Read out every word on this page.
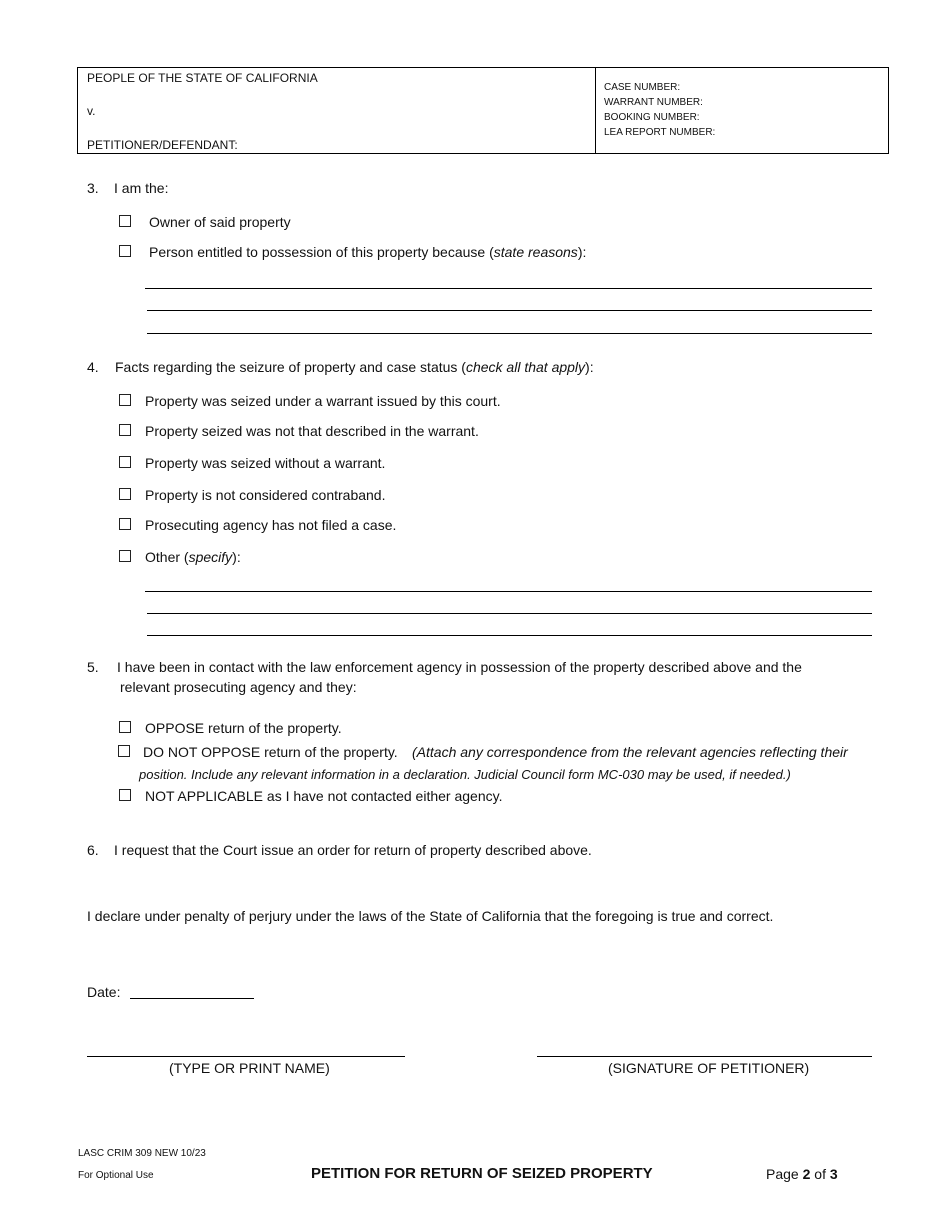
PEOPLE OF THE STATE OF CALIFORNIA
v.
PETITIONER/DEFENDANT:
CASE NUMBER:
WARRANT NUMBER:
BOOKING NUMBER:
LEA REPORT NUMBER:
3. I am the:
Owner of said property
Person entitled to possession of this property because (state reasons):
4. Facts regarding the seizure of property and case status (check all that apply):
Property was seized under a warrant issued by this court.
Property seized was not that described in the warrant.
Property was seized without a warrant.
Property is not considered contraband.
Prosecuting agency has not filed a case.
Other (specify):
5. I have been in contact with the law enforcement agency in possession of the property described above and the
relevant prosecuting agency and they:
OPPOSE return of the property.
DO NOT OPPOSE return of the property. (Attach any correspondence from the relevant agencies reflecting their
position. Include any relevant information in a declaration. Judicial Council form MC-030 may be used, if needed.)
NOT APPLICABLE as I have not contacted either agency.
6. I request that the Court issue an order for return of property described above.
I declare under penalty of perjury under the laws of the State of California that the foregoing is true and correct.
Date:
(TYPE OR PRINT NAME)	(SIGNATURE OF PETITIONER)
LASC CRIM 309 NEW 10/23
For Optional Use	PETITION FOR RETURN OF SEIZED PROPERTY	Page 2 of 3
